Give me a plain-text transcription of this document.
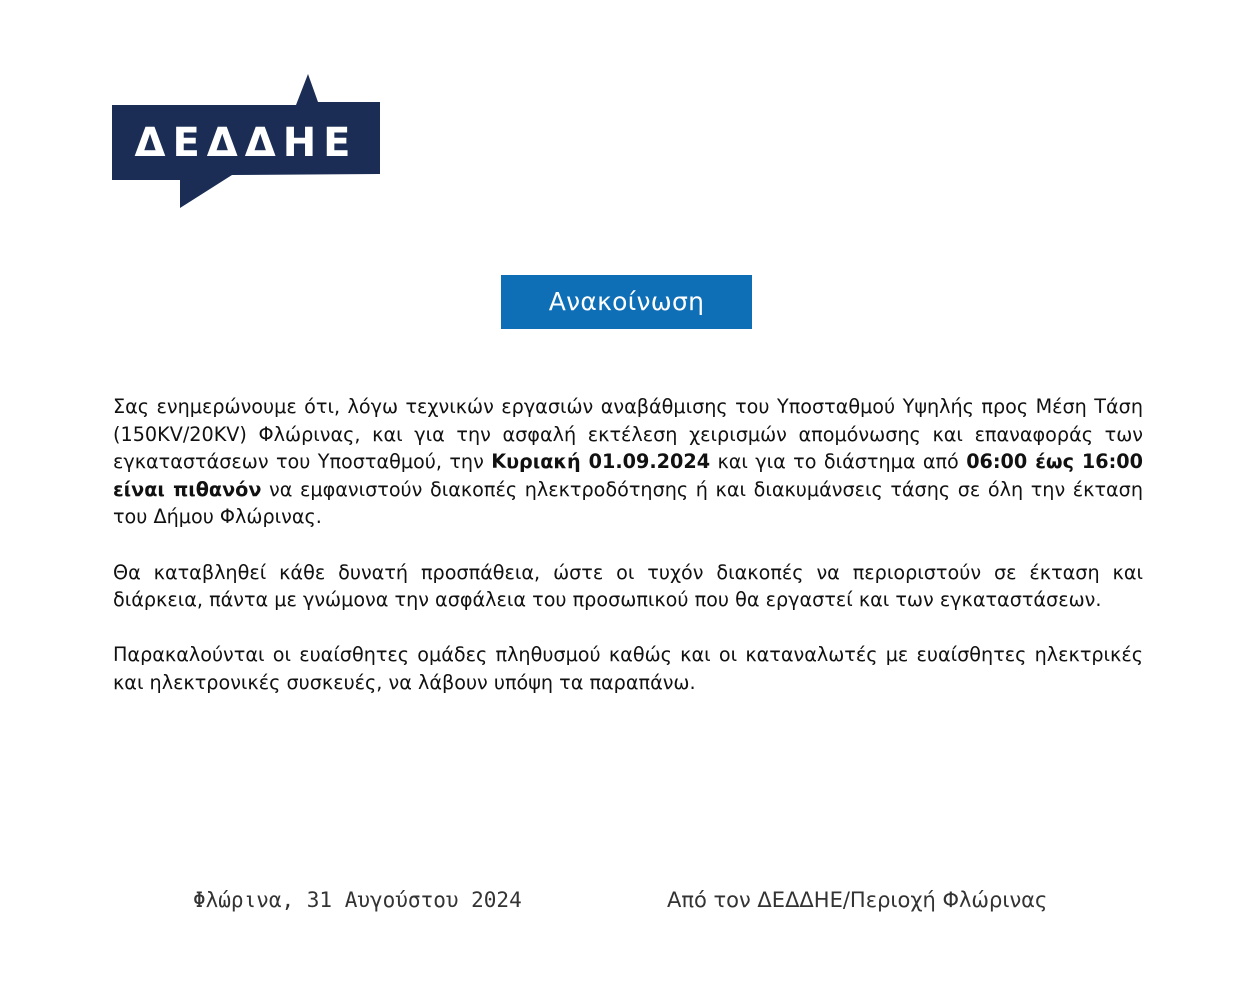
ΔΕΔΔΗΕ
Ανακοίνωση

Σας ενημερώνουμε ότι, λόγω τεχνικών εργασιών αναβάθμισης του Υποσταθμού Υψηλής προς Μέση Τάση (150KV/20KV) Φλώρινας, και για την ασφαλή εκτέλεση χειρισμών απομόνωσης και επαναφοράς των εγκαταστάσεων του Υποσταθμού, την Κυριακή 01.09.2024 και για το διάστημα από 06:00 έως 16:00 είναι πιθανόν να εμφανιστούν διακοπές ηλεκτροδότησης ή και διακυμάνσεις τάσης σε όλη την έκταση του Δήμου Φλώρινας.

Θα καταβληθεί κάθε δυνατή προσπάθεια, ώστε οι τυχόν διακοπές να περιοριστούν σε έκταση και διάρκεια, πάντα με γνώμονα την ασφάλεια του προσωπικού που θα εργαστεί και των εγκαταστάσεων.

Παρακαλούνται οι ευαίσθητες ομάδες πληθυσμού καθώς και οι καταναλωτές με ευαίσθητες ηλεκτρικές και ηλεκτρονικές συσκευές, να λάβουν υπόψη τα παραπάνω.

Φλώρινα, 31 Αυγούστου 2024	Από τον ΔΕΔΔΗΕ/Περιοχή Φλώρινας
